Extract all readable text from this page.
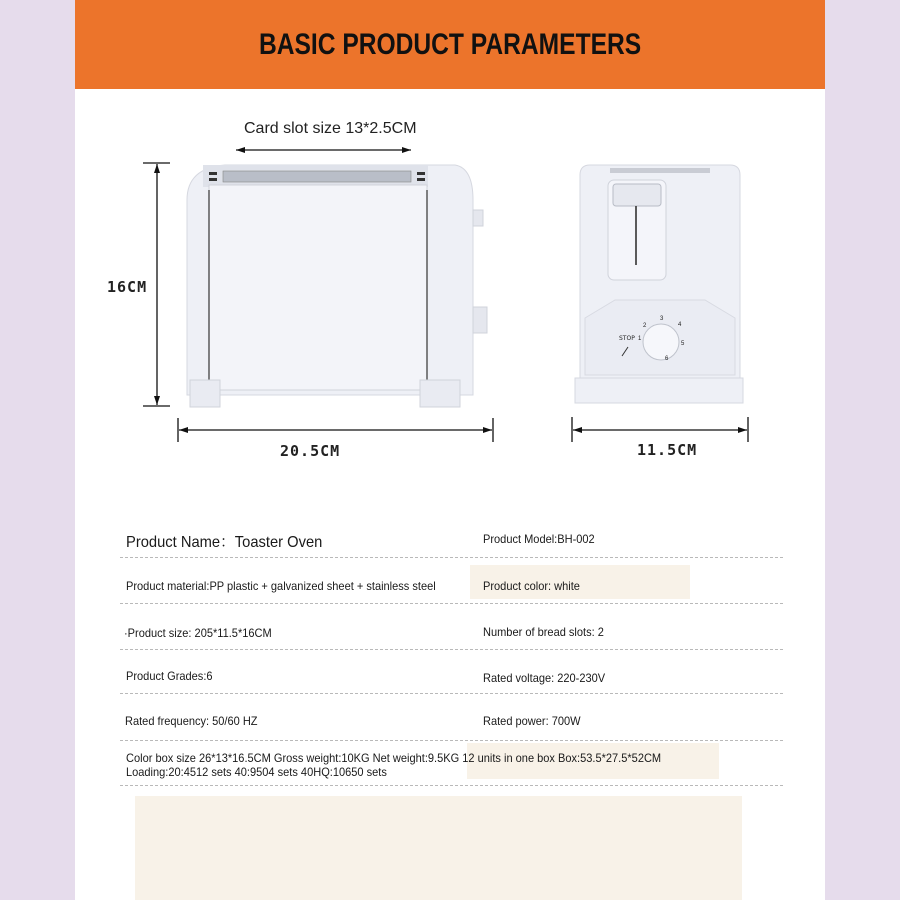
BASIC PRODUCT PARAMETERS
Card slot size 13*2.5CM
STOP 1
2
3
4
5
6
16CM
20.5CM	11.5CM
Product Name：Toaster Oven	Product Model:BH-002
Product material:PP plastic + galvanized sheet + stainless steel	Product color: white
·Product size: 205*11.5*16CM	Number of bread slots: 2
Product Grades:6	Rated voltage: 220-230V
Rated frequency: 50/60 HZ	Rated power: 700W
Color box size 26*13*16.5CM Gross weight:10KG Net weight:9.5KG 12 units in one box Box:53.5*27.5*52CM
Loading:20:4512 sets 40:9504 sets 40HQ:10650 sets
